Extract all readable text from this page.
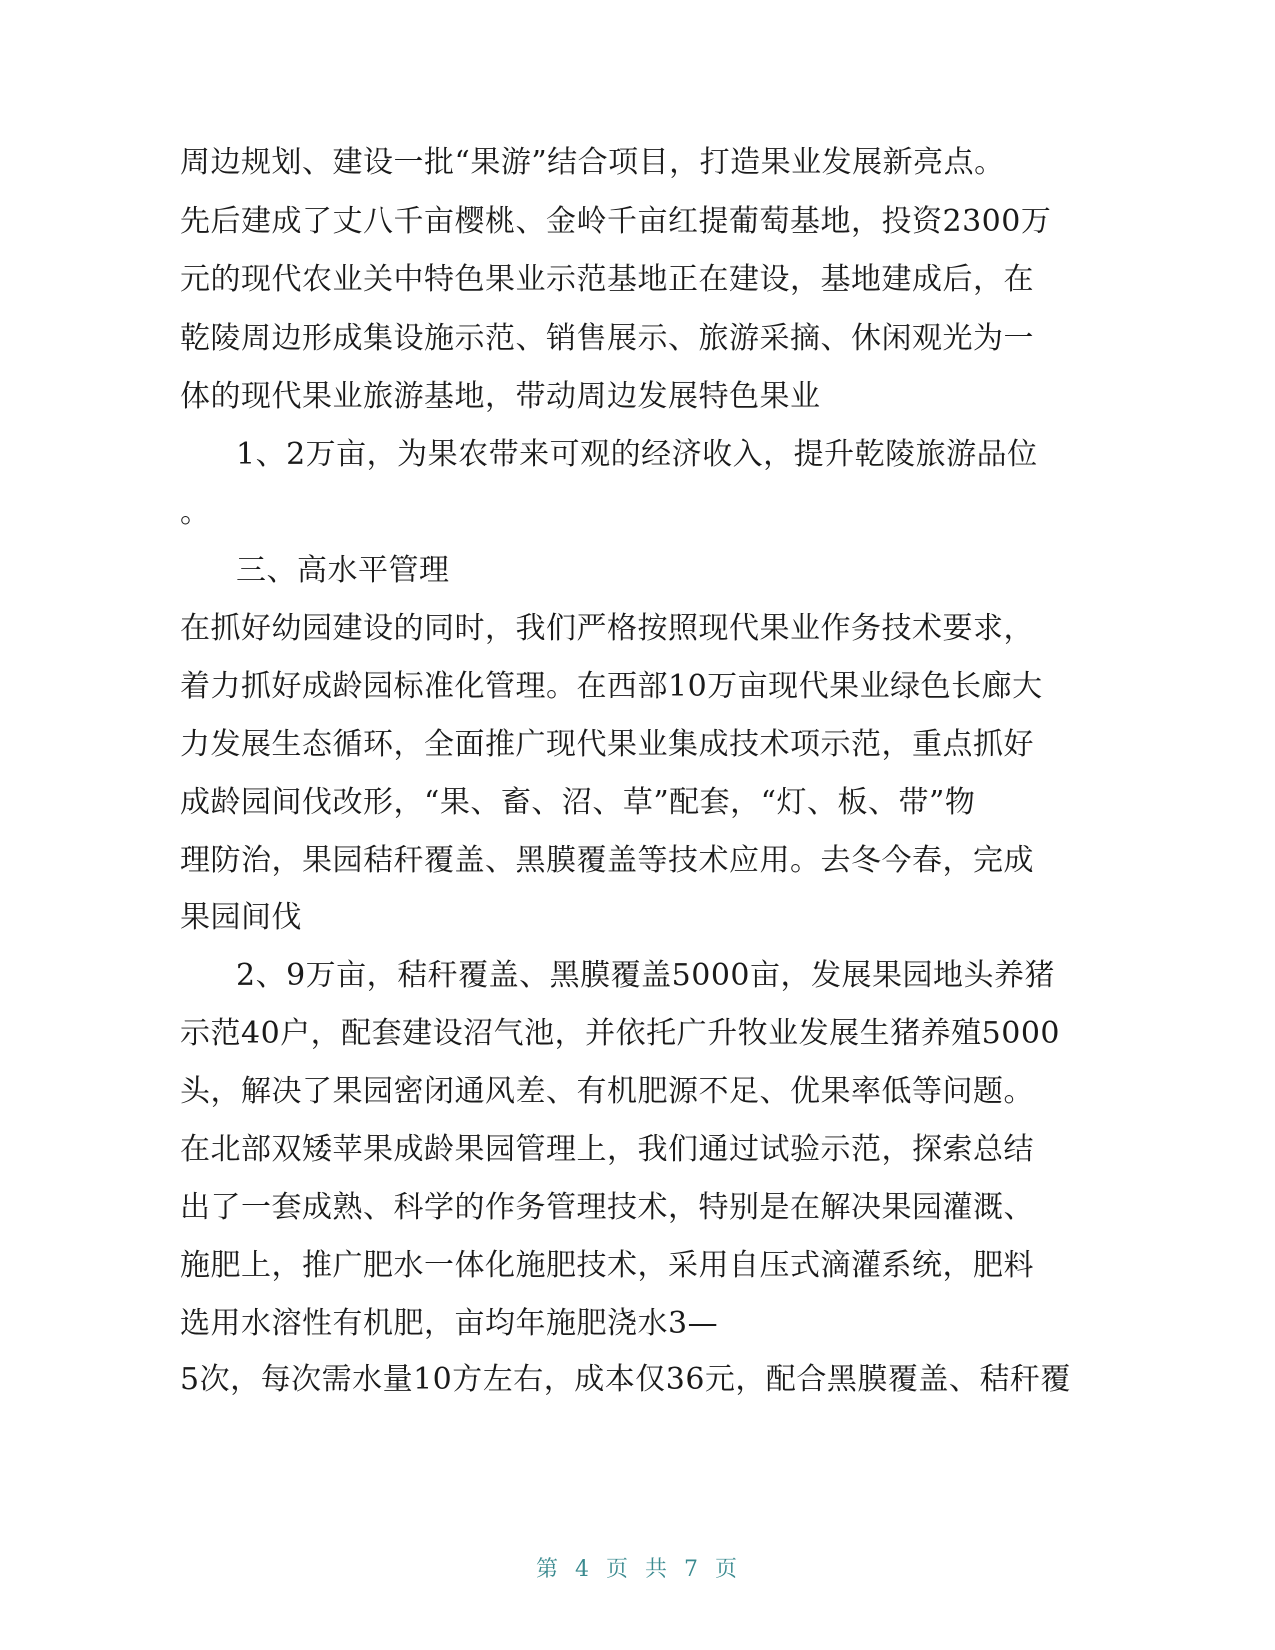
周边规划、建设一批“果游”结合项目，打造果业发展新亮点。
先后建成了丈八千亩樱桃、金岭千亩红提葡萄基地，投资2300万
元的现代农业关中特色果业示范基地正在建设，基地建成后，在
乾陵周边形成集设施示范、销售展示、旅游采摘、休闲观光为一
体的现代果业旅游基地，带动周边发展特色果业
1、2万亩，为果农带来可观的经济收入，提升乾陵旅游品位
。
三、高水平管理
在抓好幼园建设的同时，我们严格按照现代果业作务技术要求，
着力抓好成龄园标准化管理。在西部10万亩现代果业绿色长廊大
力发展生态循环，全面推广现代果业集成技术项示范，重点抓好
成龄园间伐改形，“果、畜、沼、草”配套，“灯、板、带”物
理防治，果园秸秆覆盖、黑膜覆盖等技术应用。去冬今春，完成
果园间伐
2、9万亩，秸秆覆盖、黑膜覆盖5000亩，发展果园地头养猪
示范40户，配套建设沼气池，并依托广升牧业发展生猪养殖5000
头，解决了果园密闭通风差、有机肥源不足、优果率低等问题。
在北部双矮苹果成龄果园管理上，我们通过试验示范，探索总结
出了一套成熟、科学的作务管理技术，特别是在解决果园灌溉、
施肥上，推广肥水一体化施肥技术，采用自压式滴灌系统，肥料
选用水溶性有机肥，亩均年施肥浇水3—
5次，每次需水量10方左右，成本仅36元，配合黑膜覆盖、秸秆覆
第 4 页 共 7 页
